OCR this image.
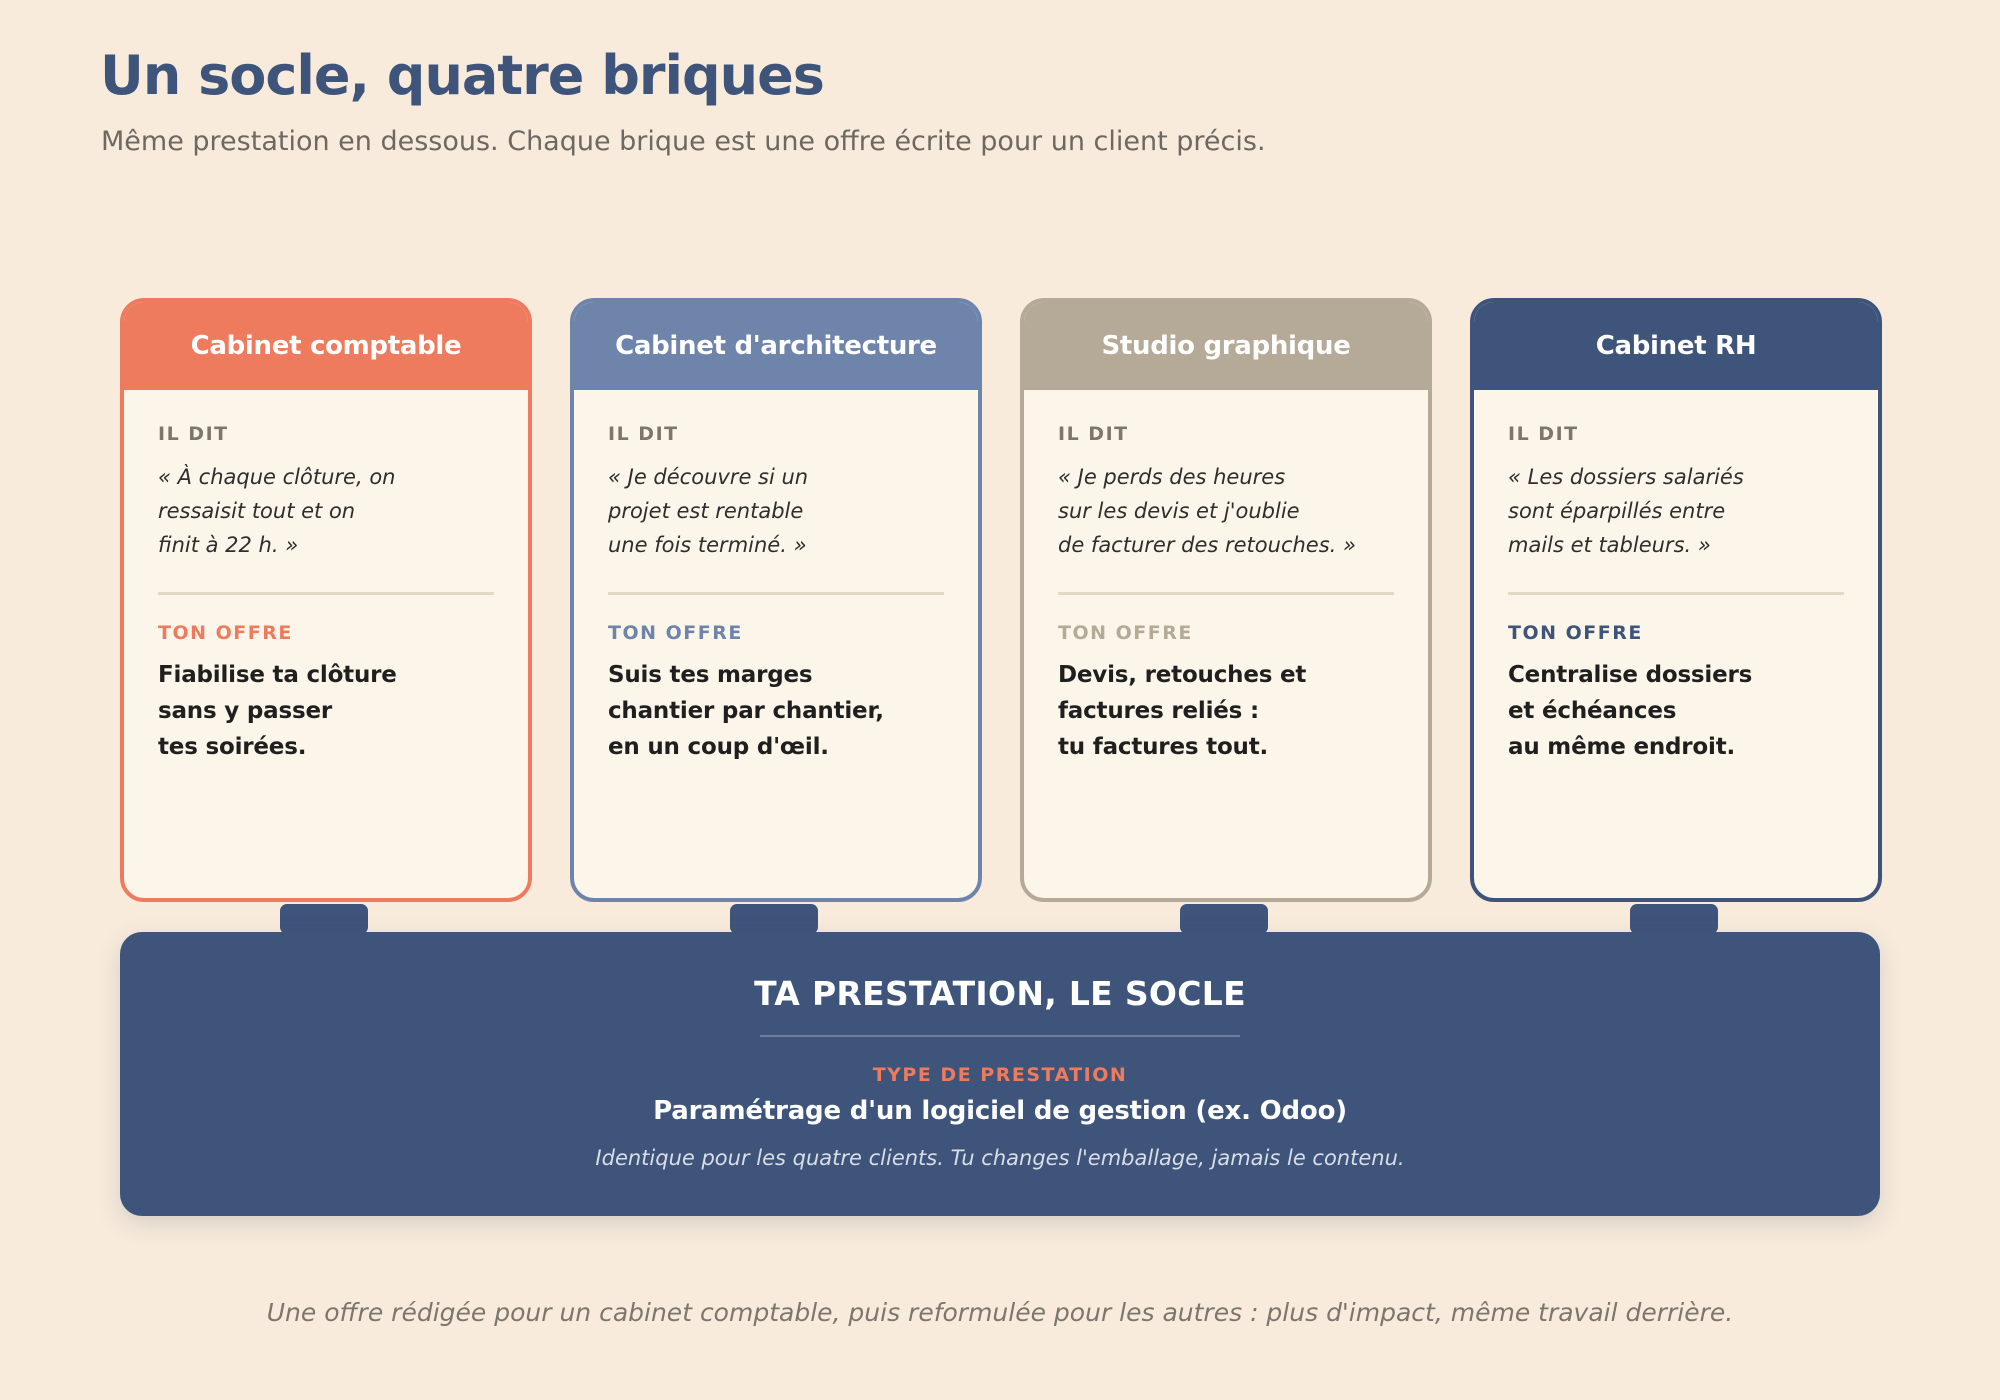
Un socle, quatre briques

Même prestation en dessous. Chaque brique est une offre écrite pour un client précis.

Cabinet comptable
IL DIT
« À chaque clôture, on
ressaisit tout et on
finit à 22 h. »
TON OFFRE
Fiabilise ta clôture
sans y passer
tes soirées.
Cabinet d'architecture
IL DIT
« Je découvre si un
projet est rentable
une fois terminé. »
TON OFFRE
Suis tes marges
chantier par chantier,
en un coup d'œil.
Studio graphique
IL DIT
« Je perds des heures
sur les devis et j'oublie
de facturer des retouches. »
TON OFFRE
Devis, retouches et
factures reliés :
tu factures tout.
Cabinet RH
IL DIT
« Les dossiers salariés
sont éparpillés entre
mails et tableurs. »
TON OFFRE
Centralise dossiers
et échéances
au même endroit.
TA PRESTATION, LE SOCLE
TYPE DE PRESTATION
Paramétrage d'un logiciel de gestion (ex. Odoo)
Identique pour les quatre clients. Tu changes l'emballage, jamais le contenu.
Une offre rédigée pour un cabinet comptable, puis reformulée pour les autres : plus d'impact, même travail derrière.
